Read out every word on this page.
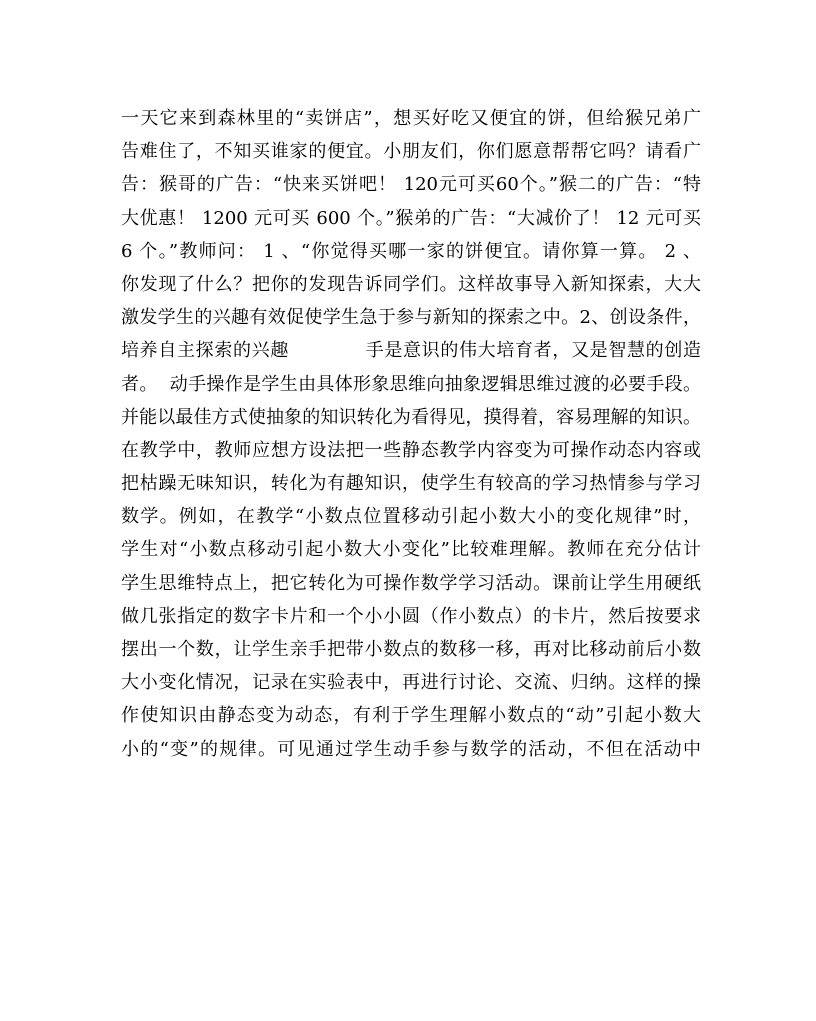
一天它来到森林里的“卖饼店”，想买好吃又便宜的饼，但给猴兄弟广
告难住了，不知买谁家的便宜。小朋友们，你们愿意帮帮它吗？请看广
告：猴哥的广告：“快来买饼吧！ 120元可买60个。”猴二的广告：“特
大优惠！ 1200 元可买 600 个。”猴弟的广告：“大减价了！ 12 元可买
6 个。”教师问： 1 、“你觉得买哪一家的饼便宜。请你算一算。 2 、
你发现了什么？把你的发现告诉同学们。这样故事导入新知探索，大大
激发学生的兴趣有效促使学生急于参与新知的探索之中。2、创设条件，
培养自主探索的兴趣            手是意识的伟大培育者，又是智慧的创造
者。  动手操作是学生由具体形象思维向抽象逻辑思维过渡的必要手段。
并能以最佳方式使抽象的知识转化为看得见，摸得着，容易理解的知识。
在教学中，教师应想方设法把一些静态教学内容变为可操作动态内容或
把枯躁无味知识，转化为有趣知识，使学生有较高的学习热情参与学习
数学。例如，在教学“小数点位置移动引起小数大小的变化规律”时，
学生对“小数点移动引起小数大小变化”比较难理解。教师在充分估计
学生思维特点上，把它转化为可操作数学学习活动。课前让学生用硬纸
做几张指定的数字卡片和一个小小圆（作小数点）的卡片，然后按要求
摆出一个数，让学生亲手把带小数点的数移一移，再对比移动前后小数
大小变化情况，记录在实验表中，再进行讨论、交流、归纳。这样的操
作使知识由静态变为动态，有利于学生理解小数点的“动”引起小数大
小的“变”的规律。可见通过学生动手参与数学的活动，不但在活动中
